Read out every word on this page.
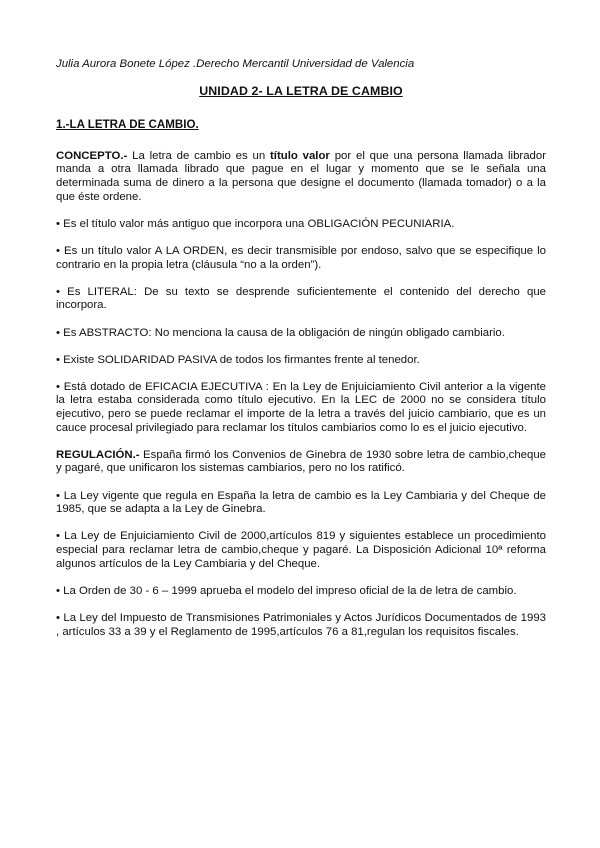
Julia Aurora Bonete López .Derecho Mercantil Universidad de Valencia
UNIDAD 2- LA LETRA DE CAMBIO
1.-LA LETRA DE CAMBIO.

CONCEPTO.- La letra de cambio es un título valor por el que una persona llamada librador manda a otra llamada librado que pague en el lugar y momento que se le señala una determinada suma de dinero a la persona que designe el documento (llamada tomador) o a la que éste ordene.

• Es el título valor más antiguo que incorpora una OBLIGACIÓN PECUNIARIA.

• Es un título valor A LA ORDEN, es decir transmisible por endoso, salvo que se especifique lo contrario en la propia letra (cláusula “no a la orden”).

• Es LITERAL: De su texto se desprende suficientemente el contenido del derecho que incorpora.

• Es ABSTRACTO: No menciona la causa de la obligación de ningún obligado cambiario.

• Existe SOLIDARIDAD PASIVA de todos los firmantes frente al tenedor.

• Está dotado de EFICACIA EJECUTIVA : En la Ley de Enjuiciamiento Civil anterior a la vigente la letra estaba considerada como título ejecutivo. En la LEC de 2000 no se considera título ejecutivo, pero se puede reclamar el importe de la letra a través del juicio cambiario, que es un cauce procesal privilegiado para reclamar los títulos cambiarios como lo es el juicio ejecutivo.

REGULACIÓN.- España firmó los Convenios de Ginebra de 1930 sobre letra de cambio,cheque y pagaré, que unificaron los sistemas cambiarios, pero no los ratificó.

• La Ley vigente que regula en España la letra de cambio es la Ley Cambiaria y del Cheque de 1985, que se adapta a la Ley de Ginebra.

• La Ley de Enjuiciamiento Civil de 2000,artículos 819 y siguientes establece un procedimiento especial para reclamar letra de cambio,cheque y pagaré. La Disposición Adicional 10ª reforma algunos artículos de la Ley Cambiaria y del Cheque.

• La Orden de 30 - 6 – 1999 aprueba el modelo del impreso oficial de la de letra de cambio.

• La Ley del Impuesto de Transmisiones Patrimoniales y Actos Jurídicos Documentados de 1993 , artículos 33 a 39 y el Reglamento de 1995,artículos 76 a 81,regulan los requisitos fiscales.
